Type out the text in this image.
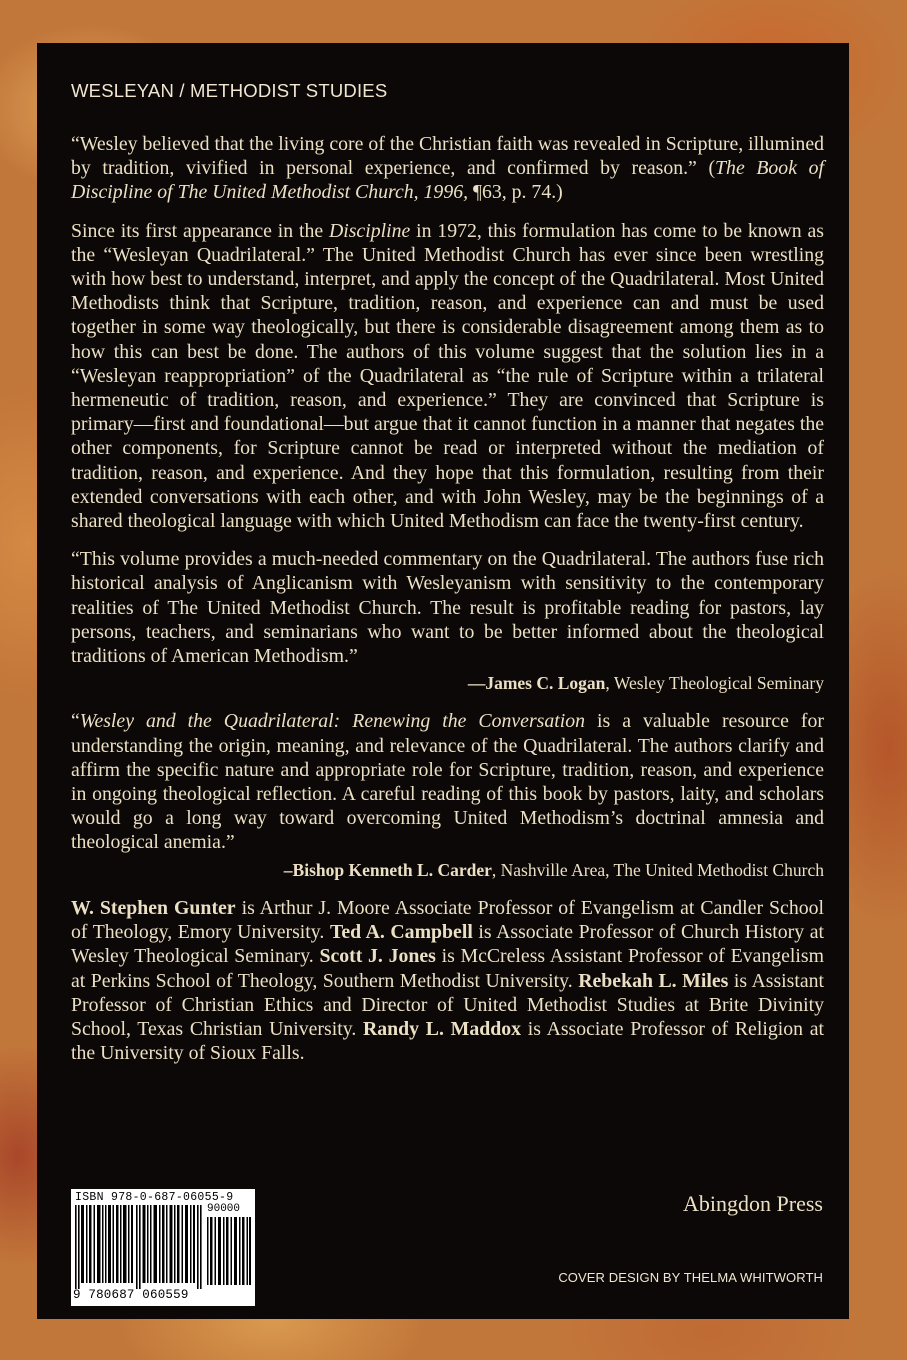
WESLEYAN / METHODIST STUDIES

“Wesley believed that the living core of the Christian faith was revealed in Scripture, illumined by tradition, vivified in personal experience, and confirmed by reason.” (The Book of Discipline of The United Methodist Church, 1996, ¶63, p. 74.)

Since its first appearance in the Discipline in 1972, this formulation has come to be known as the “Wesleyan Quadrilateral.” The United Methodist Church has ever since been wrestling with how best to understand, interpret, and apply the concept of the Quadrilateral. Most United Methodists think that Scripture, tradition, reason, and experience can and must be used together in some way theologically, but there is considerable disagreement among them as to how this can best be done. The authors of this volume suggest that the solution lies in a “Wesleyan reappropriation” of the Quadrilateral as “the rule of Scripture within a trilateral hermeneutic of tradition, reason, and experience.” They are convinced that Scripture is primary—first and foundational—but argue that it cannot function in a manner that negates the other components, for Scripture cannot be read or interpreted without the mediation of tradition, reason, and experience. And they hope that this formulation, resulting from their extended conversations with each other, and with John Wesley, may be the beginnings of a shared theological language with which United Methodism can face the twenty-first century.

“This volume provides a much-needed commentary on the Quadrilateral. The authors fuse rich historical analysis of Anglicanism with Wesleyanism with sensitivity to the contemporary realities of The United Methodist Church. The result is profitable reading for pastors, lay persons, teachers, and seminarians who want to be better informed about the theological traditions of American Methodism.”

—James C. Logan, Wesley Theological Seminary

“Wesley and the Quadrilateral: Renewing the Conversation is a valuable resource for understanding the origin, meaning, and relevance of the Quadrilateral. The authors clarify and affirm the specific nature and appropriate role for Scripture, tradition, reason, and experience in ongoing theological reflection. A careful reading of this book by pastors, laity, and scholars would go a long way toward overcoming United Methodism’s doctrinal amnesia and theological anemia.”

–Bishop Kenneth L. Carder, Nashville Area, The United Methodist Church

W. Stephen Gunter is Arthur J. Moore Associate Professor of Evangelism at Candler School of Theology, Emory University. Ted A. Campbell is Associate Professor of Church History at Wesley Theological Seminary. Scott J. Jones is McCreless Assistant Professor of Evangelism at Perkins School of Theology, Southern Methodist University. Rebekah L. Miles is Assistant Professor of Christian Ethics and Director of United Methodist Studies at Brite Divinity School, Texas Christian University. Randy L. Maddox is Associate Professor of Religion at the University of Sioux Falls.

ISBN 978-0-687-06055-9
90000
9 780687 060559
Abingdon Press
COVER DESIGN BY THELMA WHITWORTH
